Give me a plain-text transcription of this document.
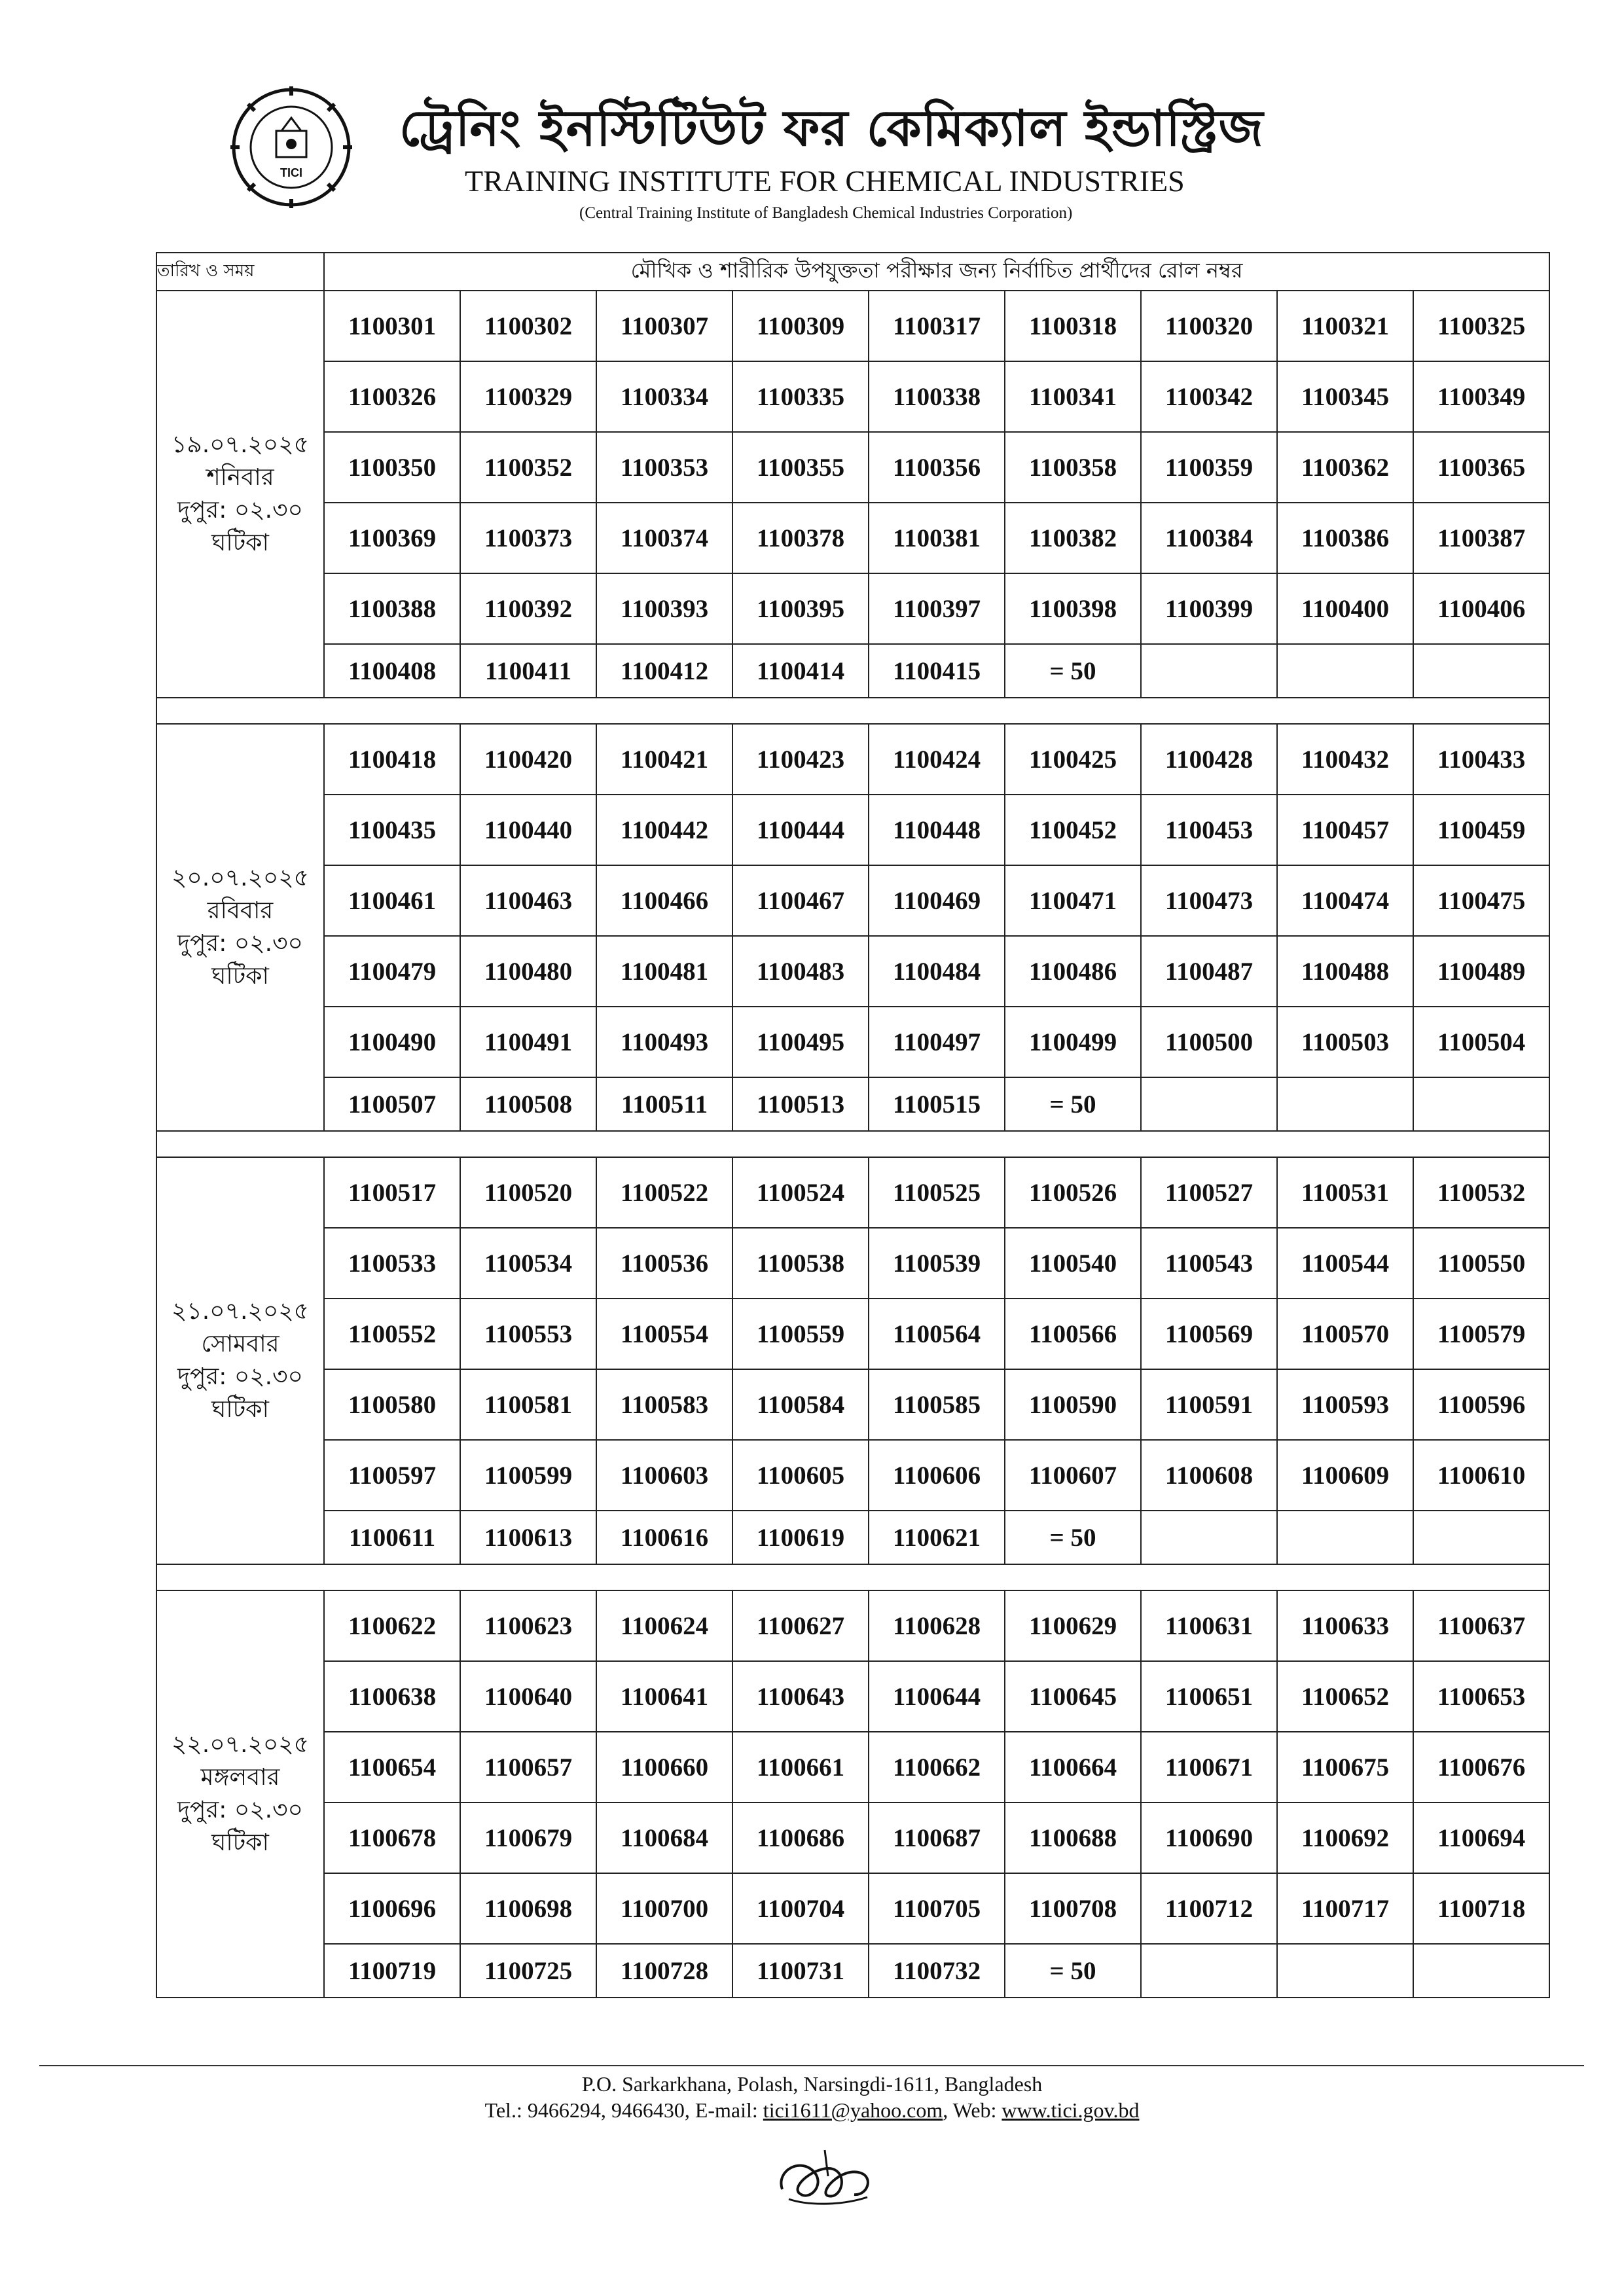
TICI
ট্রেনিং ইনস্টিটিউট ফর কেমিক্যাল ইন্ডাস্ট্রিজ
TRAINING INSTITUTE FOR CHEMICAL INDUSTRIES
(Central Training Institute of Bangladesh Chemical Industries Corporation)
তারিখ ও সময়	মৌখিক ও শারীরিক উপযুক্ততা পরীক্ষার জন্য নির্বাচিত প্রার্থীদের রোল নম্বর								

১৯.০৭.২০২৫
শনিবার
দুপুর: ০২.৩০
ঘটিকা	1100301	1100302	1100307	1100309	1100317	1100318	1100320	1100321	1100325
	1100326	1100329	1100334	1100335	1100338	1100341	1100342	1100345	1100349
	1100350	1100352	1100353	1100355	1100356	1100358	1100359	1100362	1100365
	1100369	1100373	1100374	1100378	1100381	1100382	1100384	1100386	1100387
	1100388	1100392	1100393	1100395	1100397	1100398	1100399	1100400	1100406
	1100408	1100411	1100412	1100414	1100415	= 50			

২০.০৭.২০২৫
রবিবার
দুপুর: ০২.৩০
ঘটিকা	1100418	1100420	1100421	1100423	1100424	1100425	1100428	1100432	1100433
	1100435	1100440	1100442	1100444	1100448	1100452	1100453	1100457	1100459
	1100461	1100463	1100466	1100467	1100469	1100471	1100473	1100474	1100475
	1100479	1100480	1100481	1100483	1100484	1100486	1100487	1100488	1100489
	1100490	1100491	1100493	1100495	1100497	1100499	1100500	1100503	1100504
	1100507	1100508	1100511	1100513	1100515	= 50			

২১.০৭.২০২৫
সোমবার
দুপুর: ০২.৩০
ঘটিকা	1100517	1100520	1100522	1100524	1100525	1100526	1100527	1100531	1100532
	1100533	1100534	1100536	1100538	1100539	1100540	1100543	1100544	1100550
	1100552	1100553	1100554	1100559	1100564	1100566	1100569	1100570	1100579
	1100580	1100581	1100583	1100584	1100585	1100590	1100591	1100593	1100596
	1100597	1100599	1100603	1100605	1100606	1100607	1100608	1100609	1100610
	1100611	1100613	1100616	1100619	1100621	= 50			

২২.০৭.২০২৫
মঙ্গলবার
দুপুর: ০২.৩০
ঘটিকা	1100622	1100623	1100624	1100627	1100628	1100629	1100631	1100633	1100637
	1100638	1100640	1100641	1100643	1100644	1100645	1100651	1100652	1100653
	1100654	1100657	1100660	1100661	1100662	1100664	1100671	1100675	1100676
	1100678	1100679	1100684	1100686	1100687	1100688	1100690	1100692	1100694
	1100696	1100698	1100700	1100704	1100705	1100708	1100712	1100717	1100718
	1100719	1100725	1100728	1100731	1100732	= 50			
P.O. Sarkarkhana, Polash, Narsingdi-1611, Bangladesh
Tel.: 9466294, 9466430, E-mail: tici1611@yahoo.com, Web: www.tici.gov.bd
